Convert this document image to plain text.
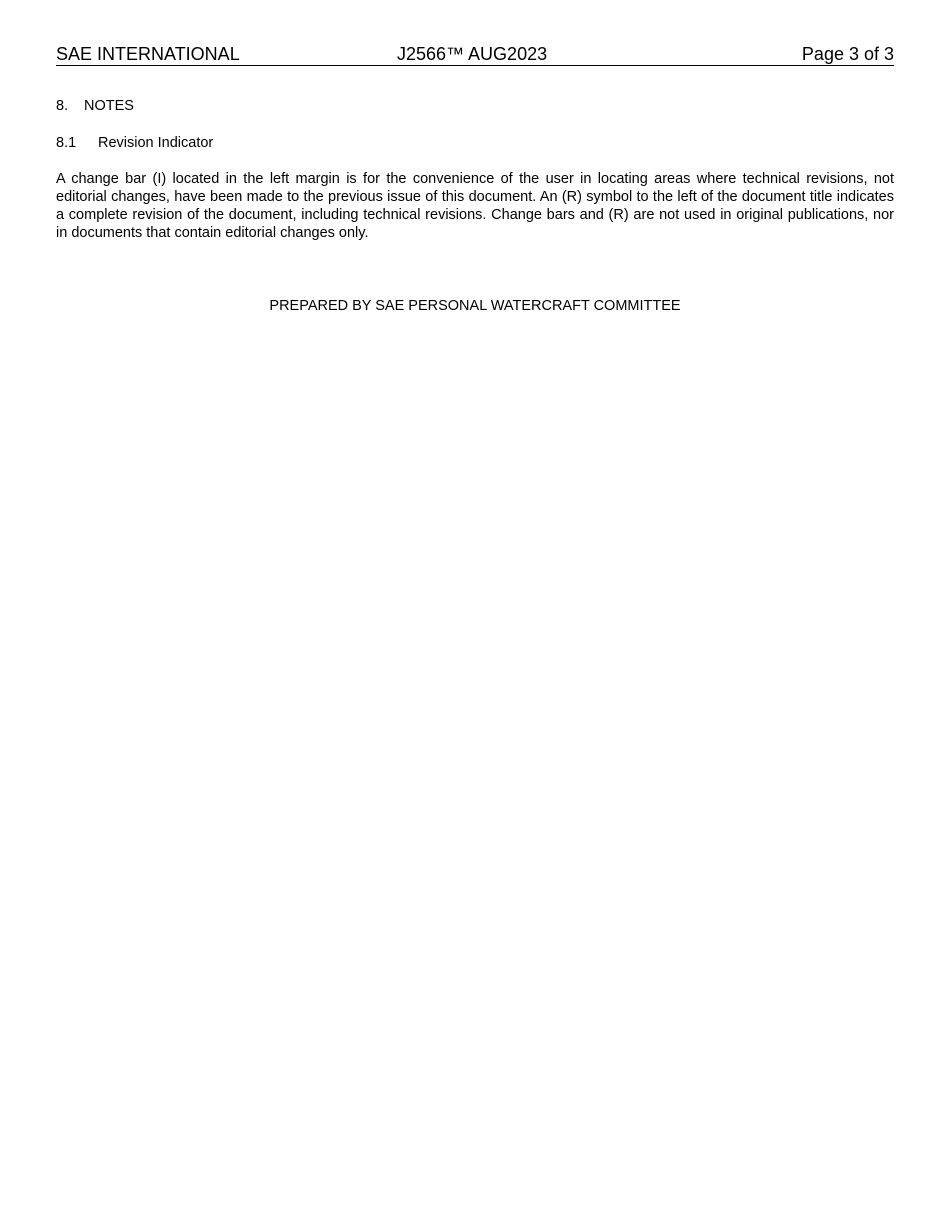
SAE INTERNATIONAL	J2566™ AUG2023	Page 3 of 3
8. NOTES
8.1 Revision Indicator

A change bar (I) located in the left margin is for the convenience of the user in locating areas where technical revisions, not editorial changes, have been made to the previous issue of this document. An (R) symbol to the left of the document title indicates a complete revision of the document, including technical revisions. Change bars and (R) are not used in original publications, nor in documents that contain editorial changes only.

PREPARED BY SAE PERSONAL WATERCRAFT COMMITTEE
